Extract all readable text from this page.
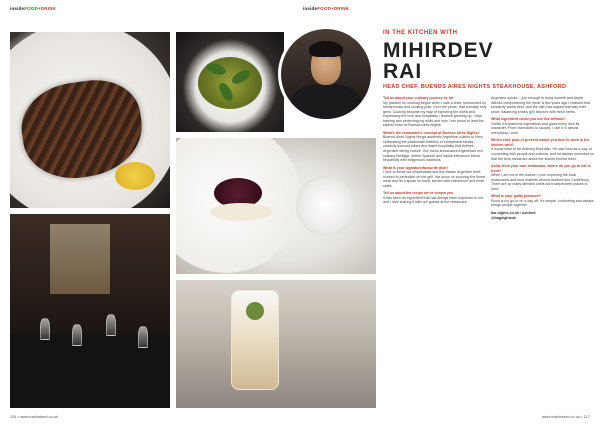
insideFOOD+DRINK	insideFOOD+DRINK
IN THE KITCHEN WITH
MIHIRDEV
RAI
HEAD CHEF, BUENOS AIRES NIGHTS STEAKHOUSE, ASHFORD

Tell us about your culinary journey so far
My passion for cooking began when I was a child, surrounded by family meals and cooking pots. Over the years, that curiosity only grew. Cooking became my way of exploring the world and expressing the love and hospitality I learned growing up. I kept training and perfecting my skills and now I am proud to lead the kitchen team at Buenos Aires Nights.

What's the restaurant's concept at Buenos Aires Nights?
Buenos Aires Nights brings authentic Argentine cuisine to Kent, celebrating the passionate tradition of exceptional steaks, carefully sourced wines and warm hospitality that defines Argentine dining culture. Our menu showcases Argentina's rich culinary heritage, where Spanish and Italian influences blend beautifully with indigenous traditions.

What is your signature/favourite dish?
I love to serve our empanadas and the classic Argentine beef, cooked to perfection on the grill. We focus on sourcing the finest meat and let it speak for itself, served with chimichurri and fresh sides.

Tell us about the recipe we've shown you
It has been an ingredient that has always been important to me and I love sharing it with our guests at the restaurant.

Argentine spices – just enough to bring warmth and depth without overpowering the meat. A few years ago I realised that simplicity works best, and the dish has stayed that way ever since, balancing smoky grill flavours with fresh herbs.

What ingredient could you not live without?
Garlic! It transforms ingredients and gives every dish its character. From marinades to sauces, I use it in almost everything I cook.

Which chef, past or present would you love to work in the kitchen with?
It would have to be Anthony Bourdain. He saw food as a way of connecting with people and cultures, and he always reminded us that the best meals are about the stories behind them.

Aside from your own restaurant, where do you go to eat in Kent?
When I am not in the kitchen I love exploring the local restaurants and food markets around Ashford and Canterbury. There are so many talented chefs and independent places in Kent.

What is your guilty pleasure?
Pizza is my go-to on a day off. It's simple, comforting and always brings people together.

bar-nights.co.uk / Ashford
@bagnightsuk

116 • www.insidekent.co.uk	www.insidekent.co.uk • 117
